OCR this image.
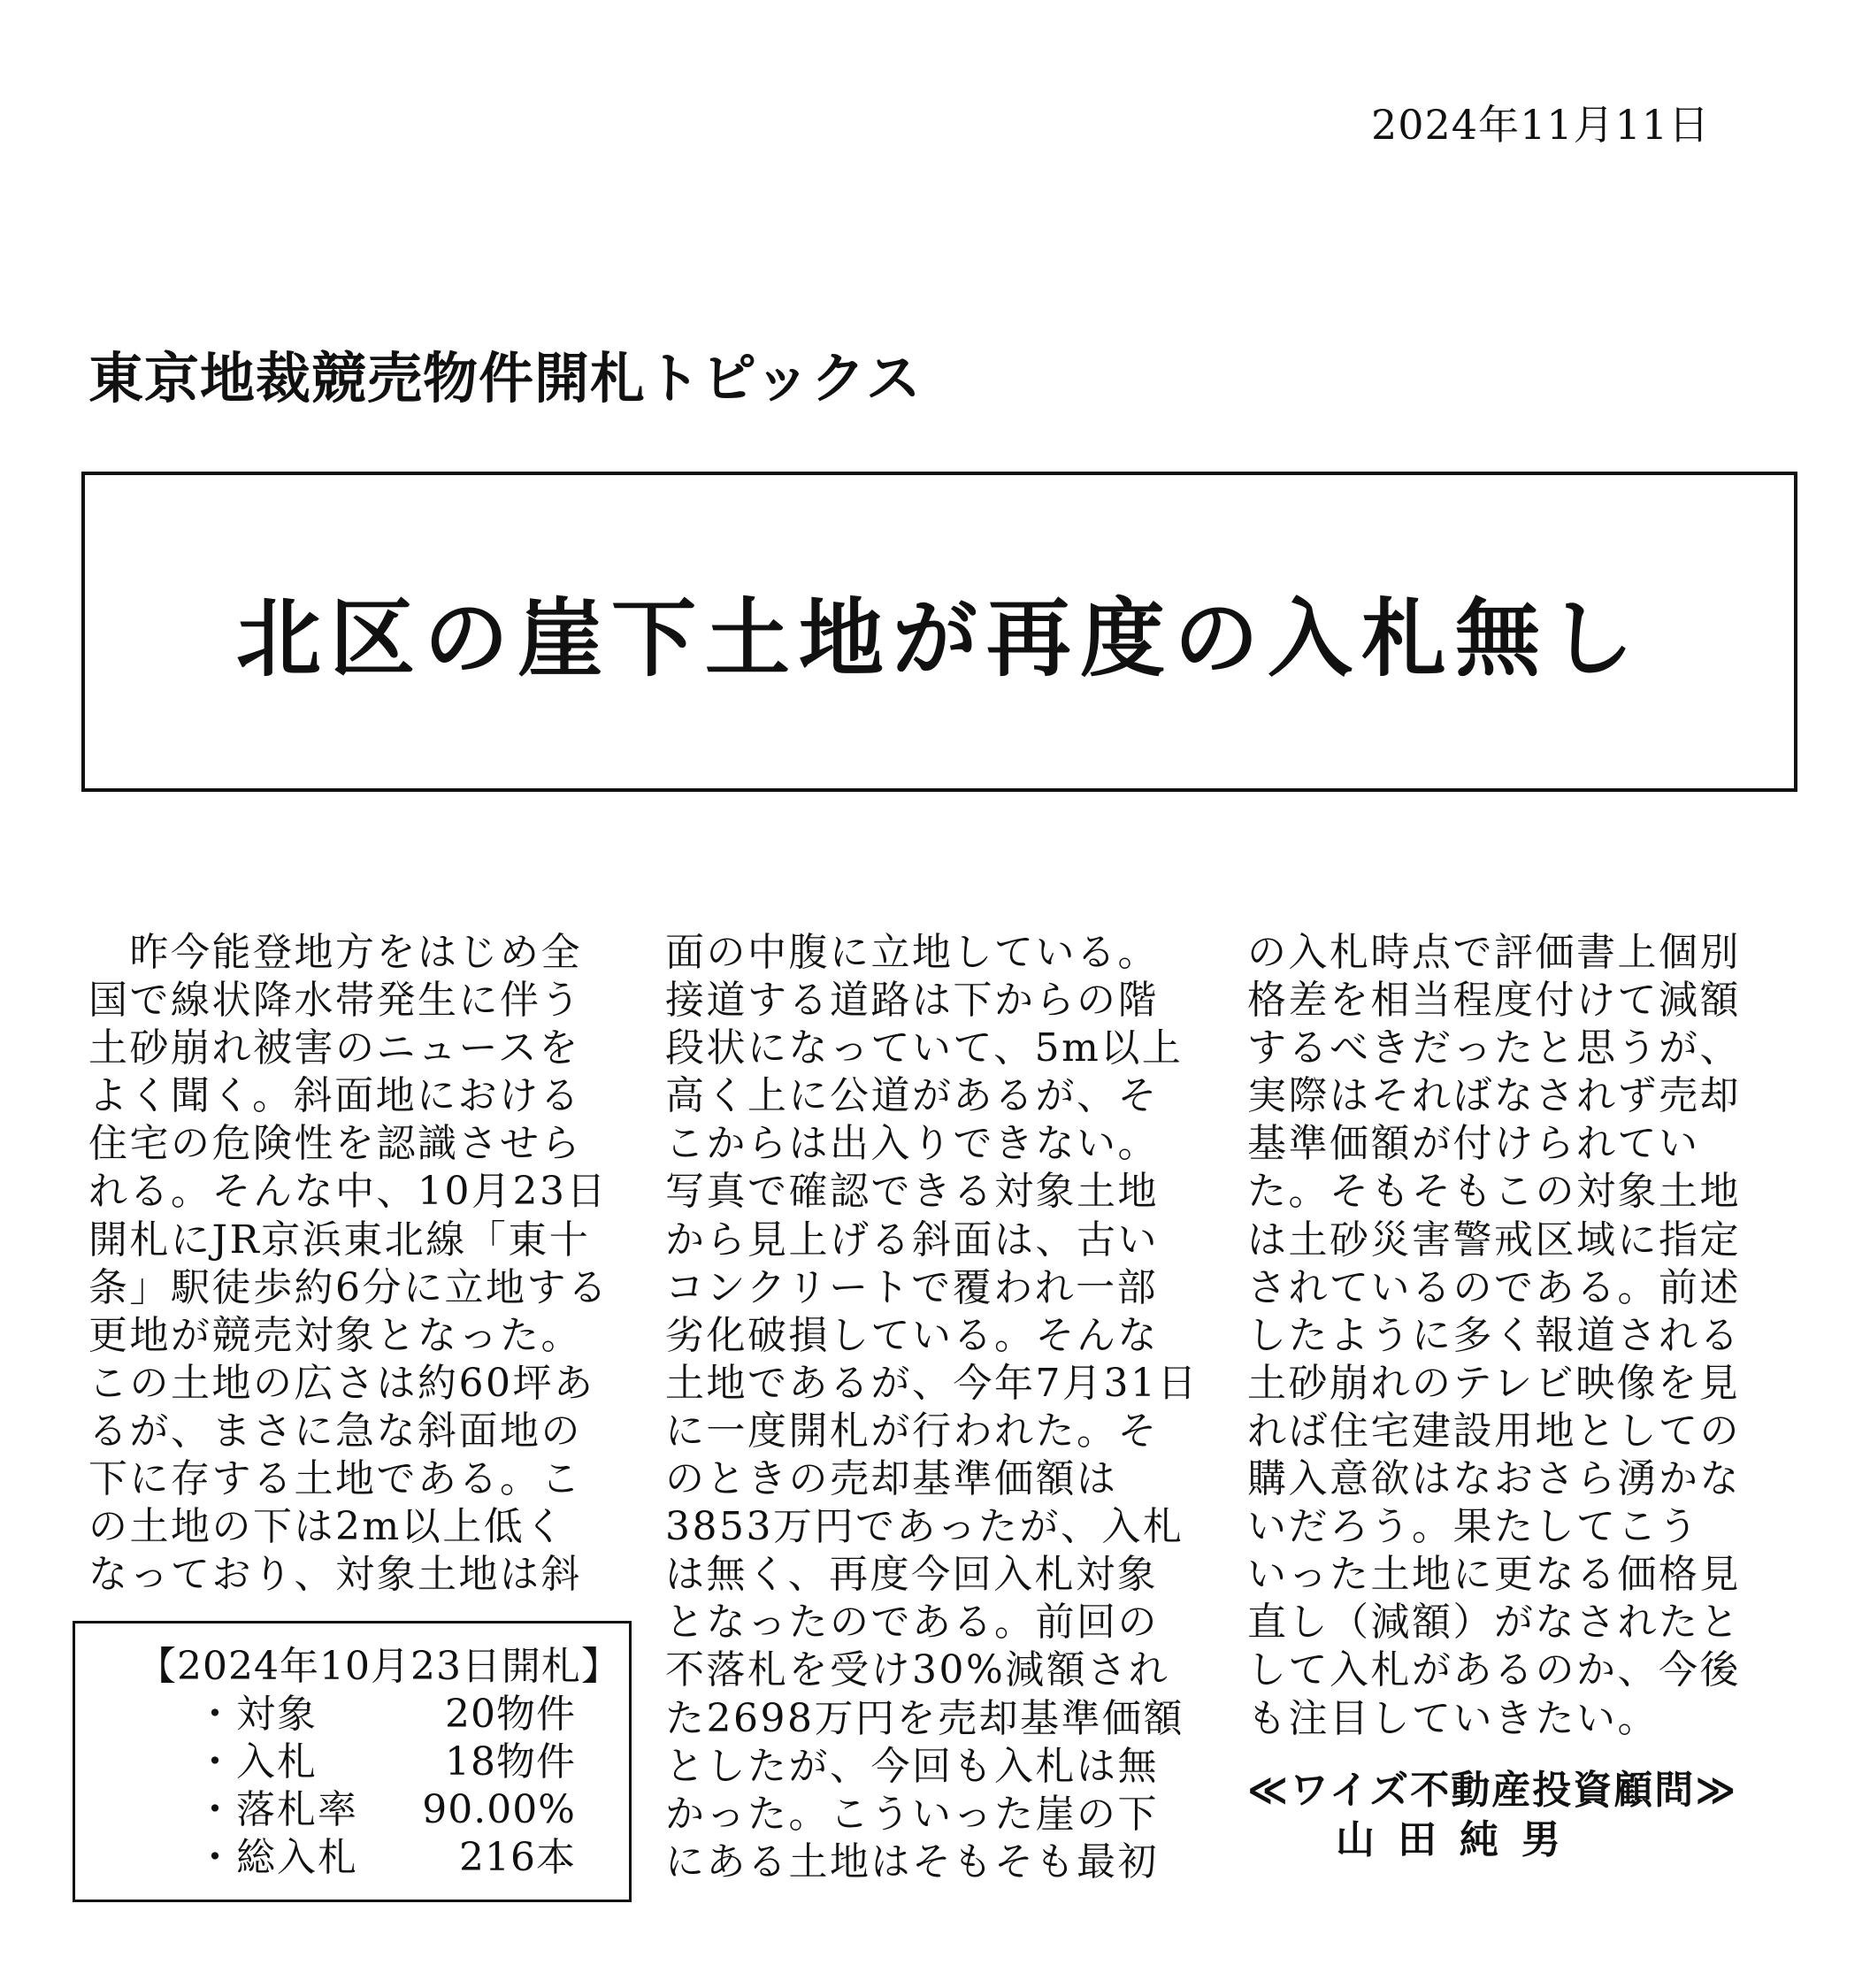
2024年11月11日
東京地裁競売物件開札トピックス
北区の崖下土地が再度の入札無し
　昨今能登地方をはじめ全
国で線状降水帯発生に伴う
土砂崩れ被害のニュースを
よく聞く。斜面地における
住宅の危険性を認識させら
れる。そんな中、10月23日
開札にJR京浜東北線「東十
条」駅徒歩約6分に立地する
更地が競売対象となった。
この土地の広さは約60坪あ
るが、まさに急な斜面地の
下に存する土地である。こ
の土地の下は2m以上低く
なっており、対象土地は斜
面の中腹に立地している。
接道する道路は下からの階
段状になっていて、5m以上
高く上に公道があるが、そ
こからは出入りできない。
写真で確認できる対象土地
から見上げる斜面は、古い
コンクリートで覆われ一部
劣化破損している。そんな
土地であるが、今年7月31日
に一度開札が行われた。そ
のときの売却基準価額は
3853万円であったが、入札
は無く、再度今回入札対象
となったのである。前回の
不落札を受け30%減額され
た2698万円を売却基準価額
としたが、今回も入札は無
かった。こういった崖の下
にある土地はそもそも最初
の入札時点で評価書上個別
格差を相当程度付けて減額
するべきだったと思うが、
実際はそればなされず売却
基準価額が付けられてい
た。そもそもこの対象土地
は土砂災害警戒区域に指定
されているのである。前述
したように多く報道される
土砂崩れのテレビ映像を見
れば住宅建設用地としての
購入意欲はなおさら湧かな
いだろう。果たしてこう
いった土地に更なる価格見
直し（減額）がなされたと
して入札があるのか、今後
も注目していきたい。
【2024年10月23日開札】
・対象	20物件
・入札	18物件
・落札率	90.00%
・総入札	216本
≪ワイズ不動産投資顧問≫
山田純男
